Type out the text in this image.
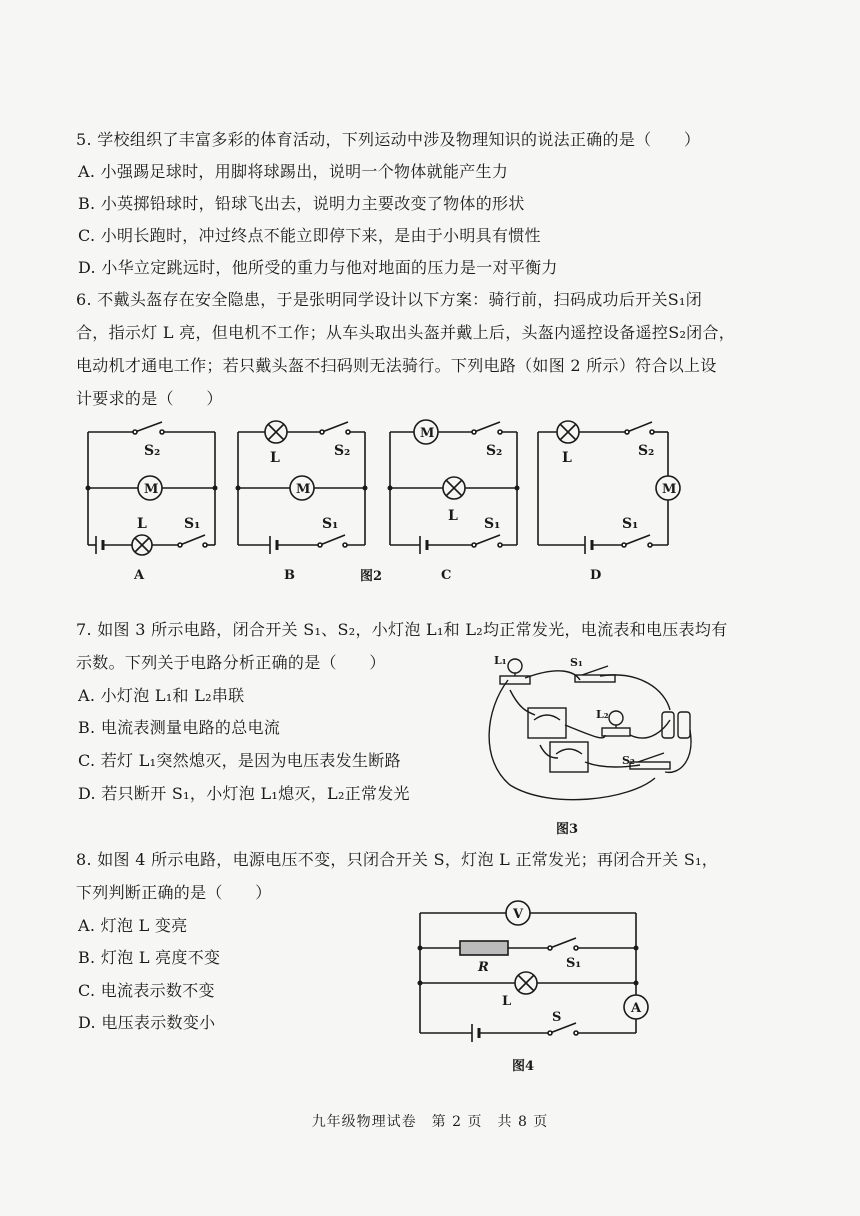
5. 学校组织了丰富多彩的体育活动，下列运动中涉及物理知识的说法正确的是（　　）
A. 小强踢足球时，用脚将球踢出，说明一个物体就能产生力
B. 小英掷铅球时，铅球飞出去，说明力主要改变了物体的形状
C. 小明长跑时，冲过终点不能立即停下来，是由于小明具有惯性
D. 小华立定跳远时，他所受的重力与他对地面的压力是一对平衡力
6. 不戴头盔存在安全隐患，于是张明同学设计以下方案：骑行前，扫码成功后开关S₁闭
合，指示灯 L 亮，但电机不工作；从车头取出头盔并戴上后，头盔内遥控设备遥控S₂闭合，
电动机才通电工作；若只戴头盔不扫码则无法骑行。下列电路（如图 2 所示）符合以上设
计要求的是（　　）
S₂
M
L	S₁
L	S₂
M
S₁
M
S₂
L S₁
L	S₂
M
S₁
A	B	图2	C	D
7. 如图 3 所示电路，闭合开关 S₁、S₂，小灯泡 L₁和 L₂均正常发光，电流表和电压表均有
示数。下列关于电路分析正确的是（　　）
A. 小灯泡 L₁和 L₂串联
B. 电流表测量电路的总电流
C. 若灯 L₁突然熄灭，是因为电压表发生断路
D. 若只断开 S₁，小灯泡 L₁熄灭，L₂正常发光
L₁	S₁
L₂
S₂
图3
8. 如图 4 所示电路，电源电压不变，只闭合开关 S，灯泡 L 正常发光；再闭合开关 S₁，
下列判断正确的是（　　）
A. 灯泡 L 变亮
B. 灯泡 L 亮度不变
C. 电流表示数不变
D. 电压表示数变小
V
A
R	S₁
L
S
图4
九年级物理试卷　第 2 页　共 8 页
